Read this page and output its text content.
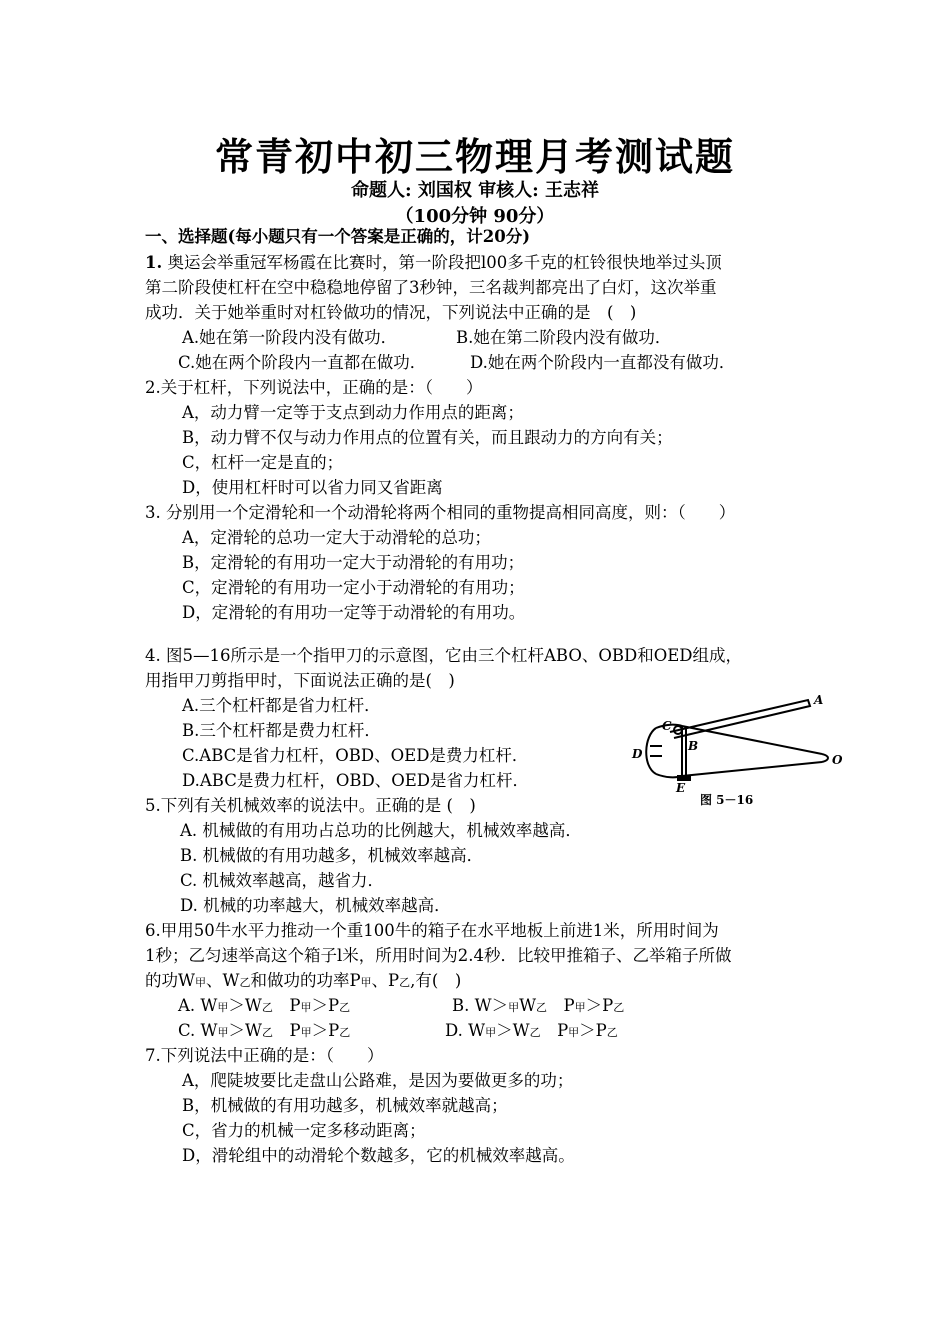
常青初中初三物理月考测试题
命题人: 刘国权 审核人: 王志祥
（100分钟 90分）
一、选择题(每小题只有一个答案是正确的，计20分)
1. 奥运会举重冠军杨霞在比赛时，第一阶段把l00多千克的杠铃很快地举过头顶
第二阶段使杠杆在空中稳稳地停留了3秒钟，三名裁判都亮出了白灯，这次举重
成功．关于她举重时对杠铃做功的情况，下列说法中正确的是　(　)
A.她在第一阶段内没有做功．	B.她在第二阶段内没有做功．
C.她在两个阶段内一直都在做功．	D.她在两个阶段内一直都没有做功．
2.关于杠杆，下列说法中，正确的是：（　　）
A，动力臂一定等于支点到动力作用点的距离；
B，动力臂不仅与动力作用点的位置有关，而且跟动力的方向有关；
C，杠杆一定是直的；
D，使用杠杆时可以省力同又省距离
3. 分别用一个定滑轮和一个动滑轮将两个相同的重物提高相同高度，则：（　　）
A，定滑轮的总功一定大于动滑轮的总功；
B，定滑轮的有用功一定大于动滑轮的有用功；
C，定滑轮的有用功一定小于动滑轮的有用功；
D，定滑轮的有用功一定等于动滑轮的有用功。
4. 图5—16所示是一个指甲刀的示意图，它由三个杠杆ABO、OBD和OED组成，
用指甲刀剪指甲时，下面说法正确的是(　)
A.三个杠杆都是省力杠杆．
B.三个杠杆都是费力杠杆．
C.ABC是省力杠杆，OBD、OED是费力杠杆．
D.ABC是费力杠杆，OBD、OED是省力杠杆．
A
C
B
D	O
E
图 5－16
5.下列有关机械效率的说法中。正确的是 (　)
A. 机械做的有用功占总功的比例越大，机械效率越高．
B. 机械做的有用功越多，机械效率越高．
C. 机械效率越高，越省力．
D. 机械的功率越大，机械效率越高．
6.甲用50牛水平力推动一个重100牛的箱子在水平地板上前进1米，所用时间为
1秒；乙匀速举高这个箱子l米，所用时间为2.4秒．比较甲推箱子、乙举箱子所做
的功W甲、W乙和做功的功率P甲、P乙,有(　)
A. W甲＞W乙　P甲＞P乙	B. W＞甲W乙　P甲＞P乙
C. W甲＞W乙　P甲＞P乙	D. W甲＞W乙　P甲＞P乙
7.下列说法中正确的是：（　　）
A，爬陡坡要比走盘山公路难，是因为要做更多的功；
B，机械做的有用功越多，机械效率就越高；
C，省力的机械一定多移动距离；
D，滑轮组中的动滑轮个数越多，它的机械效率越高。
